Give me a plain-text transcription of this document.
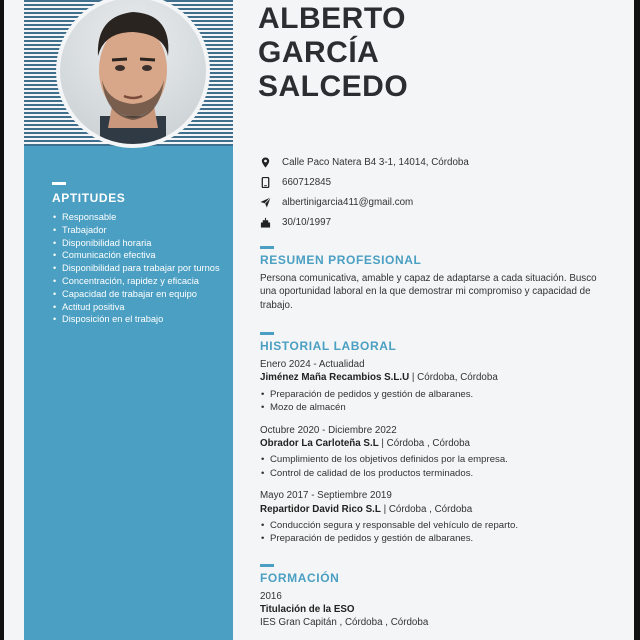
APTITUDES
• Responsable
• Trabajador
• Disponibilidad horaria
• Comunicación efectiva
• Disponibilidad para trabajar por turnos
• Concentración, rapidez y eficacia
• Capacidad de trabajar en equipo
• Actitud positiva
• Disposición en el trabajo
ALBERTO
GARCÍA
SALCEDO
Calle Paco Natera B4 3-1, 14014, Córdoba
660712845
albertinigarcia411@gmail.com
30/10/1997
RESUMEN PROFESIONAL
Persona comunicativa, amable y capaz de adaptarse a cada situación. Busco una oportunidad laboral en la que demostrar mi compromiso y capacidad de trabajo.
HISTORIAL LABORAL
Enero 2024 - Actualidad
Jiménez Maña Recambios S.L.U | Córdoba, Córdoba
• Preparación de pedidos y gestión de albaranes.
• Mozo de almacén
Octubre 2020 - Diciembre 2022
Obrador La Carloteña S.L | Córdoba , Córdoba
• Cumplimiento de los objetivos definidos por la empresa.
• Control de calidad de los productos terminados.
Mayo 2017 - Septiembre 2019
Repartidor David Rico S.L | Córdoba , Córdoba
• Conducción segura y responsable del vehículo de reparto.
• Preparación de pedidos y gestión de albaranes.
FORMACIÓN
2016
Titulación de la ESO
IES Gran Capitán , Córdoba , Córdoba
